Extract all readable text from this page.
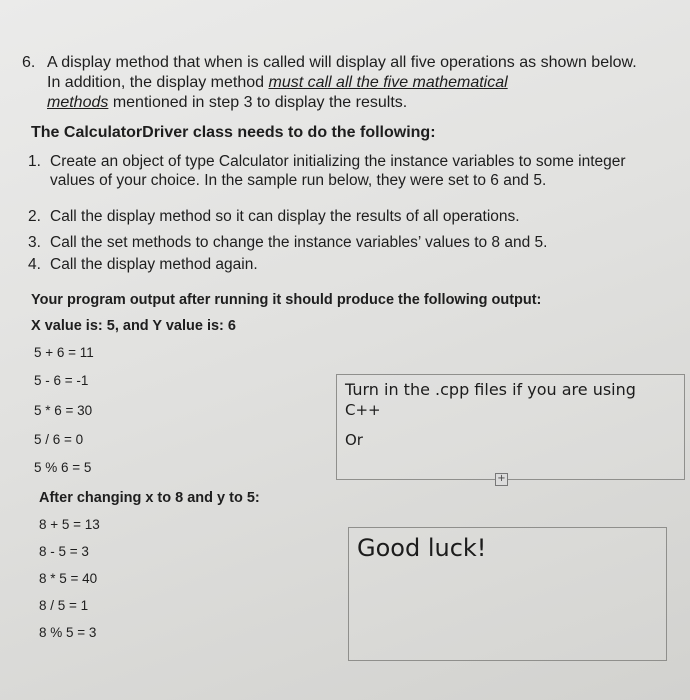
6. A display method that when is called will display all five operations as shown below.
In addition, the display method must call all the five mathematical
methods mentioned in step 3 to display the results.
The CalculatorDriver class needs to do the following:
1. Create an object of type Calculator initializing the instance variables to some integer
values of your choice. In the sample run below, they were set to 6 and 5.
2. Call the display method so it can display the results of all operations.
3. Call the set methods to change the instance variables’ values to 8 and 5.
4. Call the display method again.
Your program output after running it should produce the following output:
X value is: 5, and Y value is: 6
5 + 6 = 11
5 - 6 = -1
5 * 6 = 30
5 / 6 = 0
5 % 6 = 5
After changing x to 8 and y to 5:
8 + 5 = 13
8 - 5 = 3
8 * 5 = 40
8 / 5 = 1
8 % 5 = 3
Turn in the .cpp files if you are using
C++
Or
+
Good luck!
